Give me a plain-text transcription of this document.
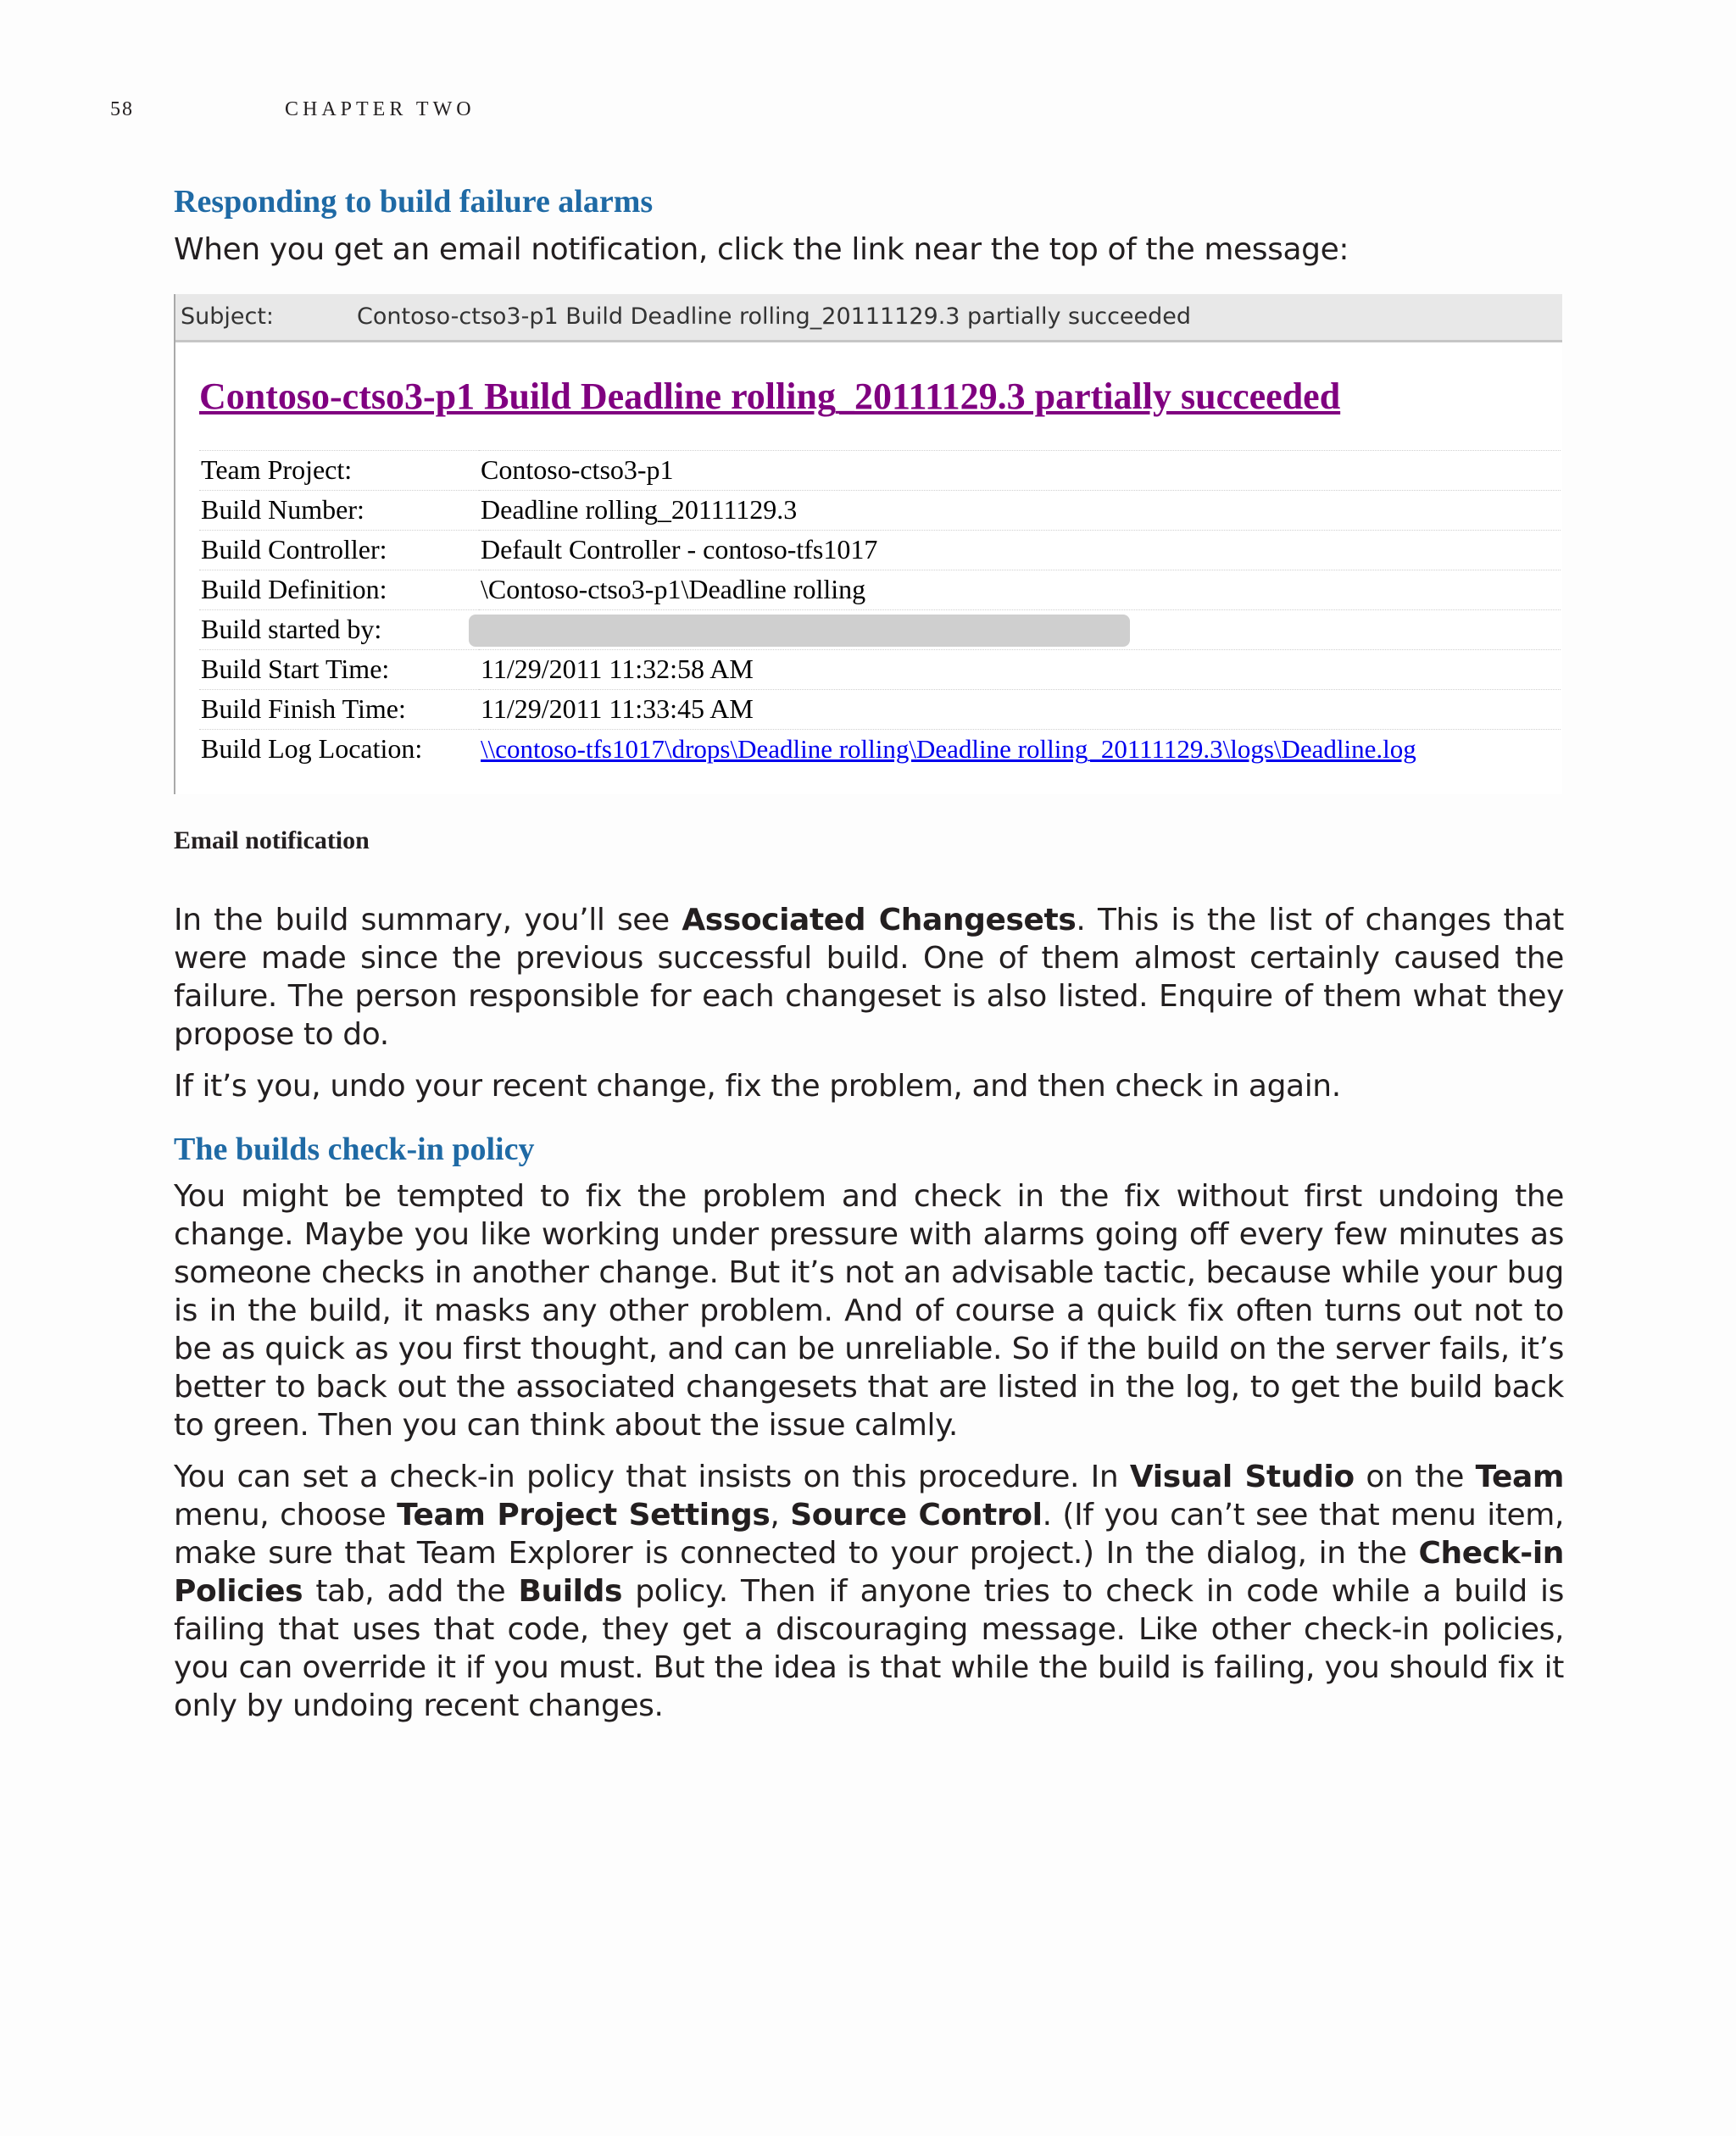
58	CHAPTER TWO
Responding to build failure alarms

When you get an email notification, click the link near the top of the message:

Subject:	Contoso-ctso3-p1 Build Deadline rolling_20111129.3 partially succeeded
Contoso-ctso3-p1 Build Deadline rolling_20111129.3 partially succeeded
Team Project:	Contoso-ctso3-p1
Build Number:	Deadline rolling_20111129.3
Build Controller:	Default Controller - contoso-tfs1017
Build Definition:	\Contoso-ctso3-p1\Deadline rolling
Build started by:	
Build Start Time:	11/29/2011 11:32:58 AM
Build Finish Time:	11/29/2011 11:33:45 AM
Build Log Location:	\\contoso-tfs1017\drops\Deadline rolling\Deadline rolling_20111129.3\logs\Deadline.log
Email notification

In the build summary, you’ll see Associated Changesets. This is the list of changes that were made since the previous successful build. One of them almost certainly caused the failure. The person responsible for each changeset is also listed. Enquire of them what they propose to do.

If it’s you, undo your recent change, fix the problem, and then check in again.

The builds check-in policy

You might be tempted to fix the problem and check in the fix without first undoing the change. Maybe you like working under pressure with alarms going off every few minutes as someone checks in another change. But it’s not an advisable tactic, because while your bug is in the build, it masks any other problem. And of course a quick fix often turns out not to be as quick as you first thought, and can be unreliable. So if the build on the server fails, it’s better to back out the associated changesets that are listed in the log, to get the build back to green. Then you can think about the issue calmly.

You can set a check-in policy that insists on this procedure. In Visual Studio on the Team menu, choose Team Project Settings, Source Control. (If you can’t see that menu item, make sure that Team Explorer is connected to your project.) In the dialog, in the Check-in Policies tab, add the Builds policy. Then if anyone tries to check in code while a build is failing that uses that code, they get a discouraging message. Like other check-in policies, you can override it if you must. But the idea is that while the build is failing, you should fix it only by undoing recent changes.
